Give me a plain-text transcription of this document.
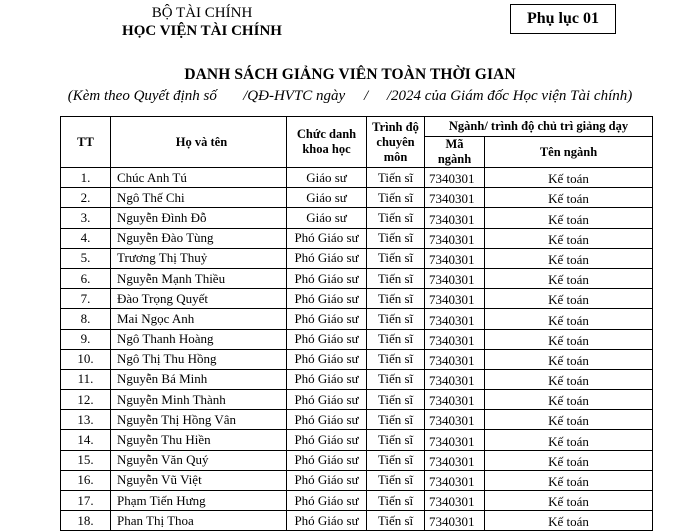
BỘ TÀI CHÍNH
HỌC VIỆN TÀI CHÍNH
Phụ lục 01
DANH SÁCH GIẢNG VIÊN TOÀN THỜI GIAN
(Kèm theo Quyết định số       /QĐ-HVTC ngày     /     /2024 của Giám đốc Học viện Tài chính)
TT	Họ và tên	Chức danh khoa học	Trình độ chuyên môn	Ngành/ trình độ chủ trì giảng dạy	
				Mã ngành	Tên ngành
1.	Chúc Anh Tú	Giáo sư	Tiến sĩ	7340301	Kế toán
2.	Ngô Thế Chi	Giáo sư	Tiến sĩ	7340301	Kế toán
3.	Nguyễn Đình Đỗ	Giáo sư	Tiến sĩ	7340301	Kế toán
4.	Nguyễn Đào Tùng	Phó Giáo sư	Tiến sĩ	7340301	Kế toán
5.	Trương Thị Thuỷ	Phó Giáo sư	Tiến sĩ	7340301	Kế toán
6.	Nguyễn Mạnh Thiều	Phó Giáo sư	Tiến sĩ	7340301	Kế toán
7.	Đào Trọng Quyết	Phó Giáo sư	Tiến sĩ	7340301	Kế toán
8.	Mai Ngọc Anh	Phó Giáo sư	Tiến sĩ	7340301	Kế toán
9.	Ngô Thanh Hoàng	Phó Giáo sư	Tiến sĩ	7340301	Kế toán
10.	Ngô Thị Thu Hồng	Phó Giáo sư	Tiến sĩ	7340301	Kế toán
11.	Nguyễn Bá Minh	Phó Giáo sư	Tiến sĩ	7340301	Kế toán
12.	Nguyễn Minh Thành	Phó Giáo sư	Tiến sĩ	7340301	Kế toán
13.	Nguyễn Thị Hồng Vân	Phó Giáo sư	Tiến sĩ	7340301	Kế toán
14.	Nguyễn Thu Hiền	Phó Giáo sư	Tiến sĩ	7340301	Kế toán
15.	Nguyễn Văn Quý	Phó Giáo sư	Tiến sĩ	7340301	Kế toán
16.	Nguyễn Vũ Việt	Phó Giáo sư	Tiến sĩ	7340301	Kế toán
17.	Phạm Tiến Hưng	Phó Giáo sư	Tiến sĩ	7340301	Kế toán
18.	Phan Thị Thoa	Phó Giáo sư	Tiến sĩ	7340301	Kế toán
